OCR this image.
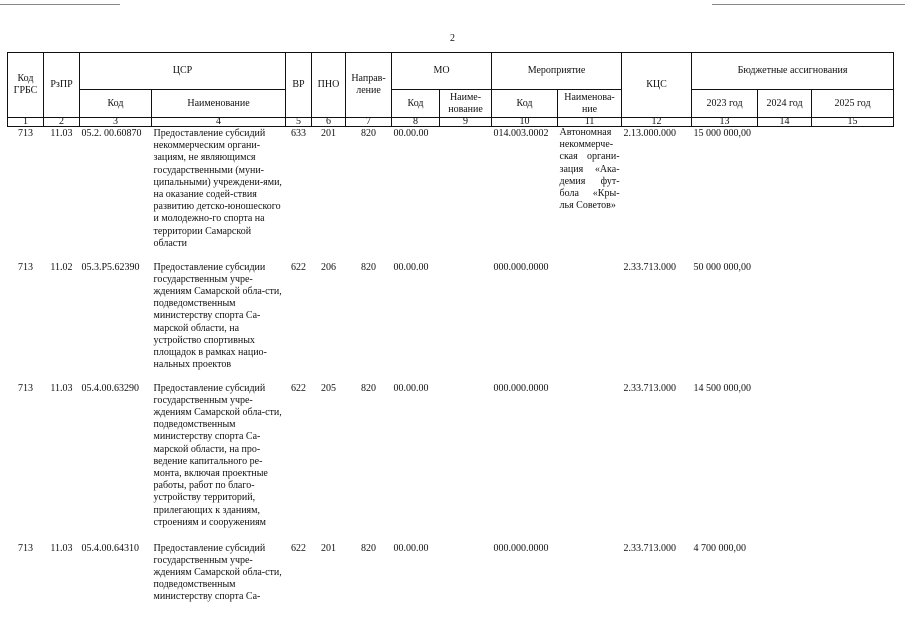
2
Код ГРБС	РзПР	ЦСР		ВР	ПНО	Направ-ление	МО		Мероприятие		КЦС	Бюджетные ассигнования		
		Код	Наименование				Код	Наиме-нование	Код	Наименова-ние		2023 год	2024 год	2025 год
1	2	3	4	5	6	7	8	9	10	11	12	13	14	15
713	11.03	05.2. 00.60870	Предоставление субсидий некоммерческим органи-зациям, не являющимся государственными (муни-ципальными) учреждени-ями, на оказание содей-ствия развитию детско-юношеского и молодежно-го спорта на территории Самарской области	633	201	820	00.00.00		014.003.0002	Автономная некоммерче-ская органи-зация «Ака-демия фут-бола «Кры-лья Советов»	2.13.000.000	15 000 000,00		
713	11.02	05.3.Р5.62390	Предоставление субсидии государственным учре-ждениям Самарской обла-сти, подведомственным министерству спорта Са-марской области, на устройство спортивных площадок в рамках нацио-нальных проектов	622	206	820	00.00.00		000.000.0000		2.33.713.000	50 000 000,00		
713	11.03	05.4.00.63290	Предоставление субсидий государственным учре-ждениям Самарской обла-сти, подведомственным министерству спорта Са-марской области, на про-ведение капитального ре-монта, включая проектные работы, работ по благо-устройству территорий, прилегающих к зданиям, строениям и сооружениям	622	205	820	00.00.00		000.000.0000		2.33.713.000	14 500 000,00		
713	11.03	05.4.00.64310	Предоставление субсидий государственным учре-ждениям Самарской обла-сти, подведомственным министерству спорта Са-	622	201	820	00.00.00		000.000.0000		2.33.713.000	4 700 000,00		
